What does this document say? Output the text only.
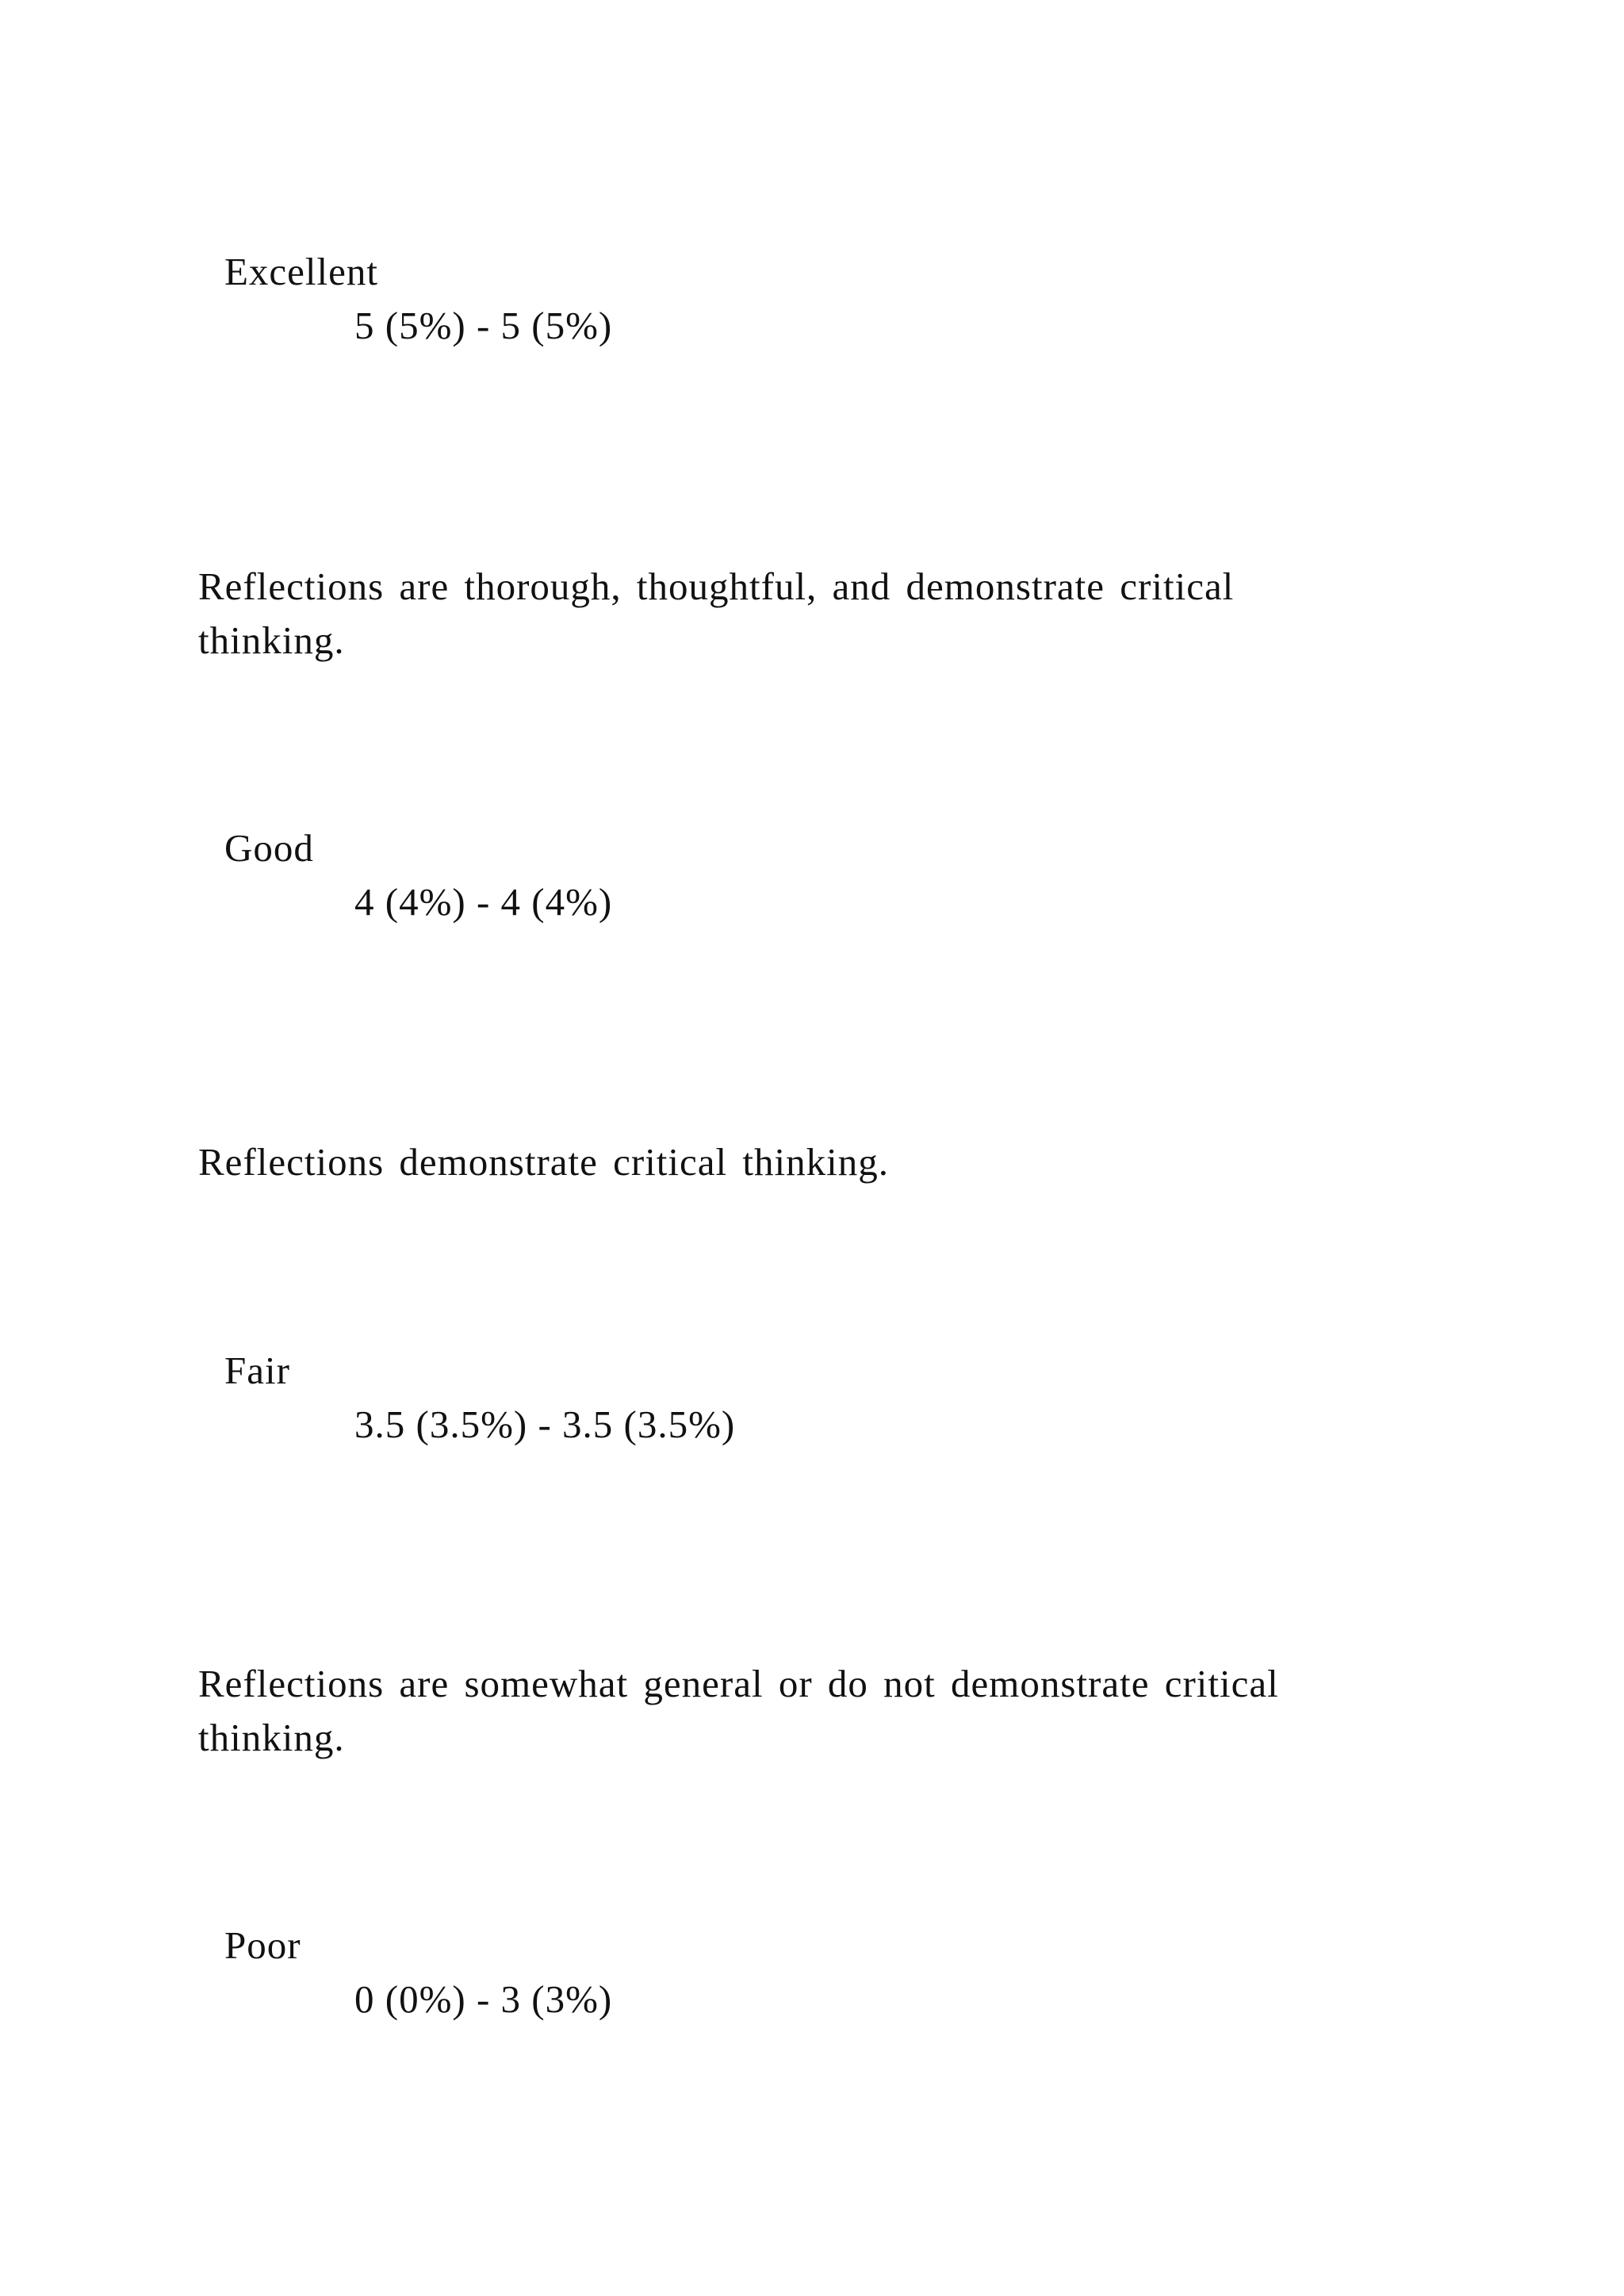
Excellent
5 (5%) - 5 (5%)
Reflections are thorough, thoughtful, and demonstrate critical
thinking.
Good
4 (4%) - 4 (4%)
Reflections demonstrate critical thinking.
Fair
3.5 (3.5%) - 3.5 (3.5%)
Reflections are somewhat general or do not demonstrate critical
thinking.
Poor
0 (0%) - 3 (3%)
